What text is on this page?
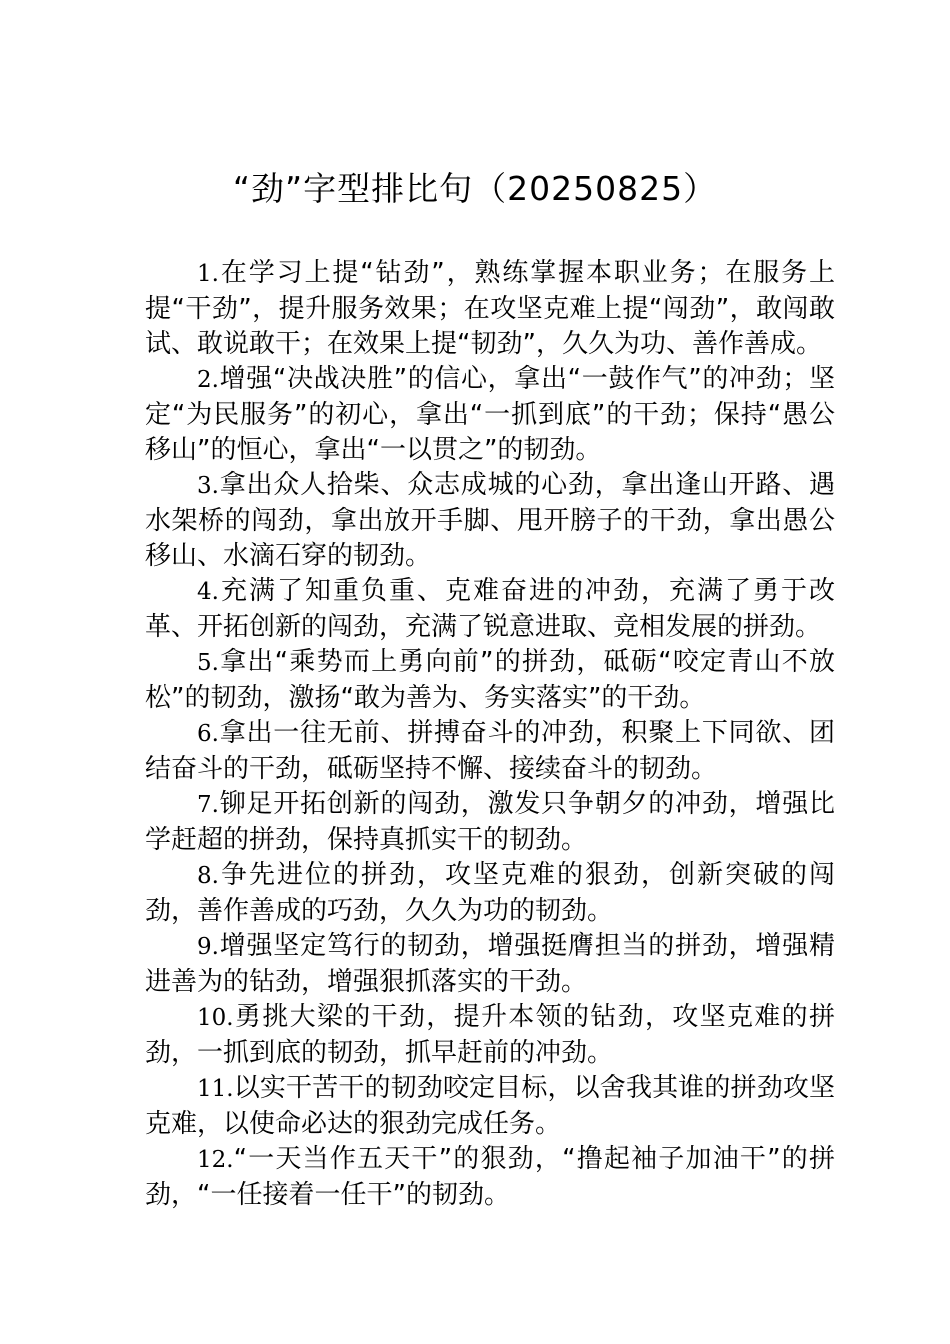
“劲”字型排比句（20250825）

1.在学习上提“钻劲”，熟练掌握本职业务；在服务上提“干劲”，提升服务效果；在攻坚克难上提“闯劲”，敢闯敢试、敢说敢干；在效果上提“韧劲”，久久为功、善作善成。

2.增强“决战决胜”的信心，拿出“一鼓作气”的冲劲；坚定“为民服务”的初心，拿出“一抓到底”的干劲；保持“愚公移山”的恒心，拿出“一以贯之”的韧劲。

3.拿出众人拾柴、众志成城的心劲，拿出逢山开路、遇水架桥的闯劲，拿出放开手脚、甩开膀子的干劲，拿出愚公移山、水滴石穿的韧劲。

4.充满了知重负重、克难奋进的冲劲，充满了勇于改革、开拓创新的闯劲，充满了锐意进取、竞相发展的拼劲。

5.拿出“乘势而上勇向前”的拼劲，砥砺“咬定青山不放松”的韧劲，激扬“敢为善为、务实落实”的干劲。

6.拿出一往无前、拼搏奋斗的冲劲，积聚上下同欲、团结奋斗的干劲，砥砺坚持不懈、接续奋斗的韧劲。

7.铆足开拓创新的闯劲，激发只争朝夕的冲劲，增强比学赶超的拼劲，保持真抓实干的韧劲。

8.争先进位的拼劲，攻坚克难的狠劲，创新突破的闯劲，善作善成的巧劲，久久为功的韧劲。

9.增强坚定笃行的韧劲，增强挺膺担当的拼劲，增强精进善为的钻劲，增强狠抓落实的干劲。

10.勇挑大梁的干劲，提升本领的钻劲，攻坚克难的拼劲，一抓到底的韧劲，抓早赶前的冲劲。

11.以实干苦干的韧劲咬定目标，以舍我其谁的拼劲攻坚克难，以使命必达的狠劲完成任务。

12.“一天当作五天干”的狠劲，“撸起袖子加油干”的拼劲，“一任接着一任干”的韧劲。
